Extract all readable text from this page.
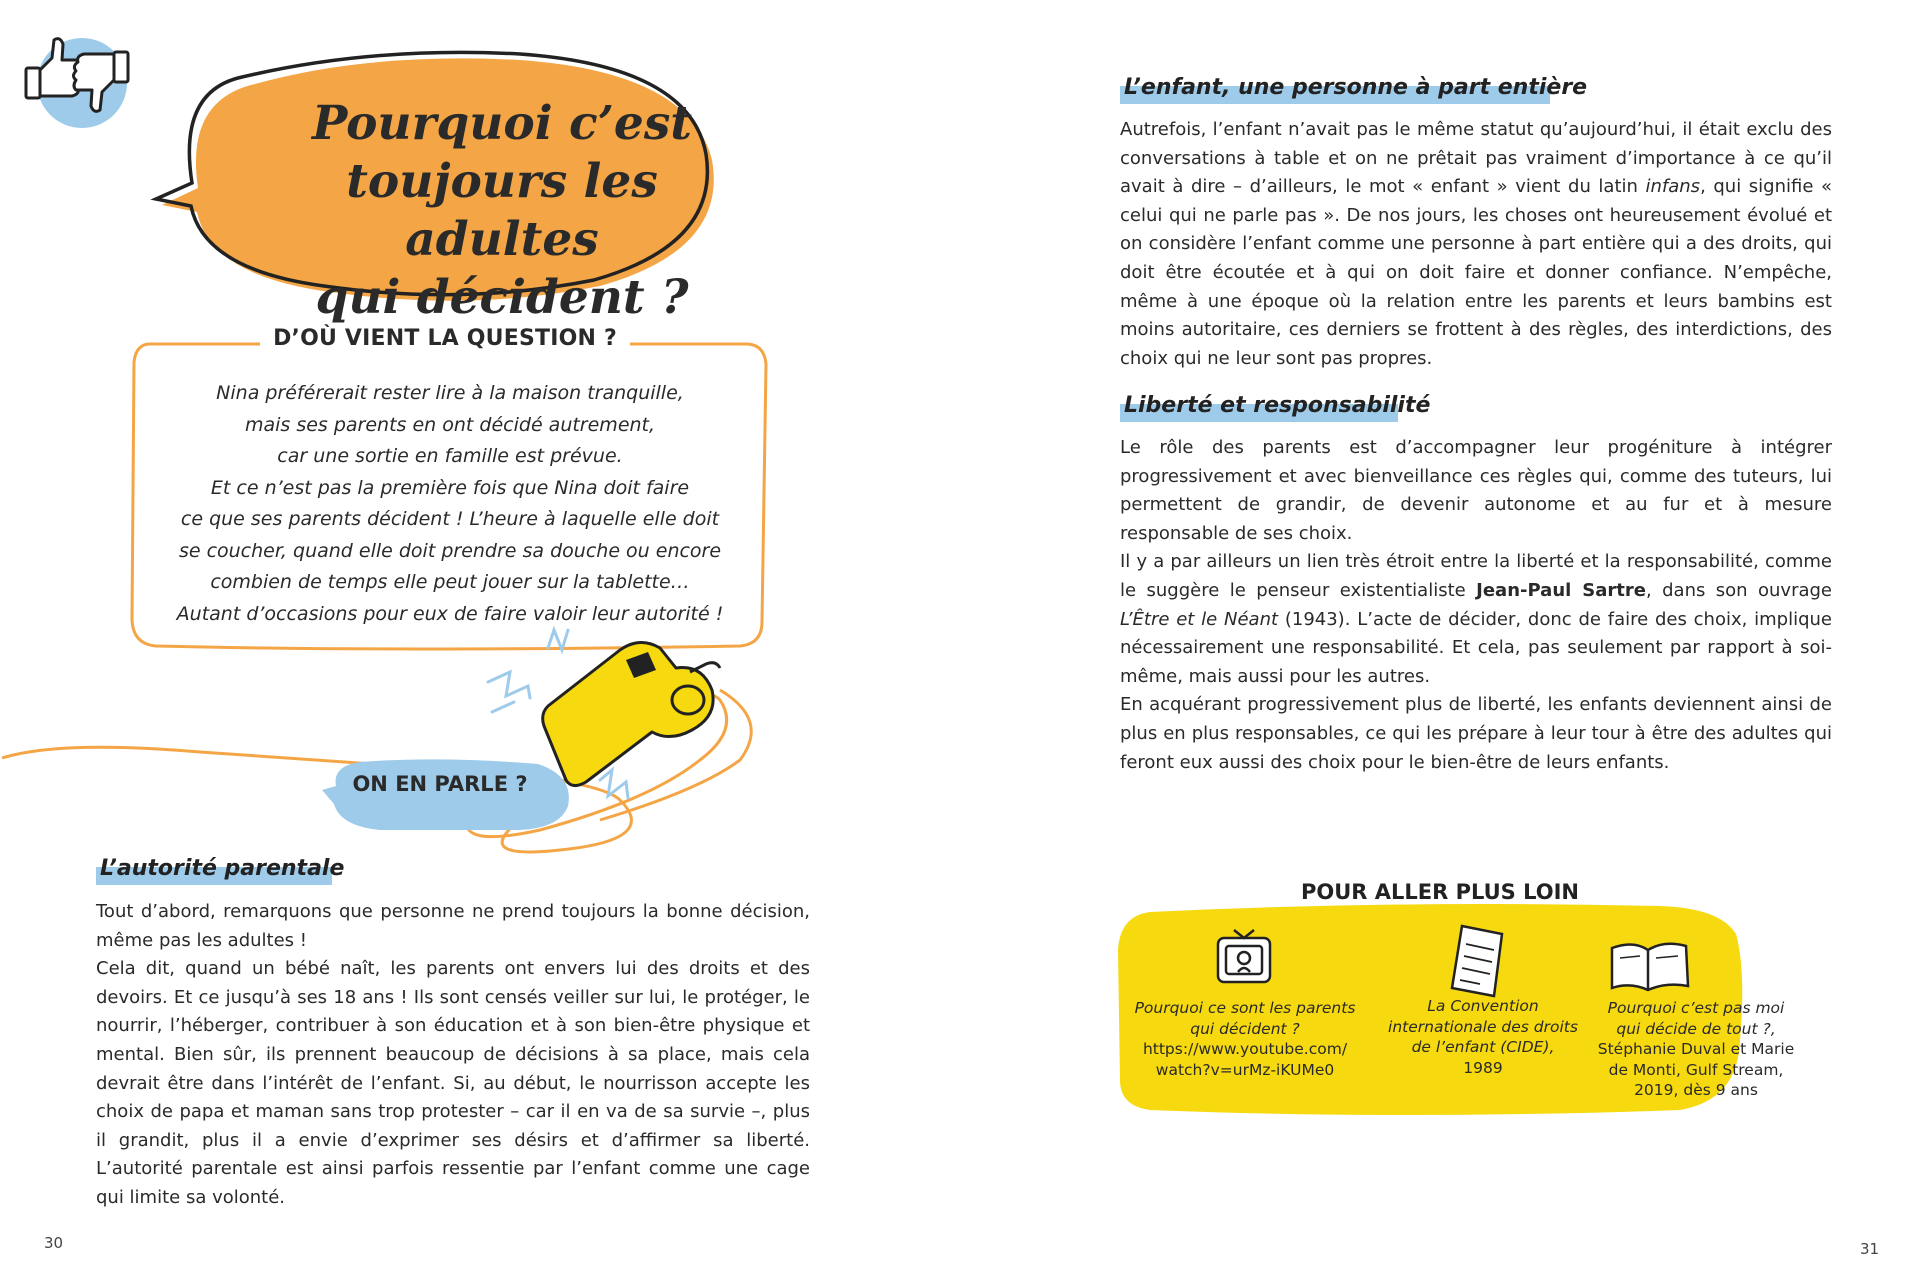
Pourquoi c’est
toujours les adultes
qui décident ?
D’OÙ VIENT LA QUESTION ?
Nina préférerait rester lire à la maison tranquille,
mais ses parents en ont décidé autrement,
car une sortie en famille est prévue.
Et ce n’est pas la première fois que Nina doit faire
ce que ses parents décident ! L’heure à laquelle elle doit
se coucher, quand elle doit prendre sa douche ou encore
combien de temps elle peut jouer sur la tablette…
Autant d’occasions pour eux de faire valoir leur autorité !
ON EN PARLE ?
L’autorité parentale

Tout d’abord, remarquons que personne ne prend toujours la bonne décision, même pas les adultes !

Cela dit, quand un bébé naît, les parents ont envers lui des droits et des devoirs. Et ce jusqu’à ses 18 ans ! Ils sont censés veiller sur lui, le protéger, le nourrir, l’héberger, contribuer à son éducation et à son bien-être physique et mental. Bien sûr, ils prennent beaucoup de décisions à sa place, mais cela devrait être dans l’intérêt de l’enfant. Si, au début, le nourrisson accepte les choix de papa et maman sans trop protester – car il en va de sa survie –, plus il grandit, plus il a envie d’exprimer ses désirs et d’affirmer sa liberté. L’autorité parentale est ainsi parfois ressentie par l’enfant comme une cage qui limite sa volonté.

30
L’enfant, une personne à part entière

Autrefois, l’enfant n’avait pas le même statut qu’aujourd’hui, il était exclu des conversations à table et on ne prêtait pas vraiment d’importance à ce qu’il avait à dire – d’ailleurs, le mot « enfant » vient du latin infans, qui signifie « celui qui ne parle pas ». De nos jours, les choses ont heureusement évolué et on considère l’enfant comme une personne à part entière qui a des droits, qui doit être écoutée et à qui on doit faire et donner confiance. N’empêche, même à une époque où la relation entre les parents et leurs bambins est moins autoritaire, ces derniers se frottent à des règles, des interdictions, des choix qui ne leur sont pas propres.

Liberté et responsabilité

Le rôle des parents est d’accompagner leur progéniture à intégrer progressivement et avec bienveillance ces règles qui, comme des tuteurs, lui permettent de grandir, de devenir autonome et au fur et à mesure responsable de ses choix.

Il y a par ailleurs un lien très étroit entre la liberté et la responsabilité, comme le suggère le penseur existentialiste Jean-Paul Sartre, dans son ouvrage L’Être et le Néant (1943). L’acte de décider, donc de faire des choix, implique nécessairement une responsabilité. Et cela, pas seulement par rapport à soi-même, mais aussi pour les autres.

En acquérant progressivement plus de liberté, les enfants deviennent ainsi de plus en plus responsables, ce qui les prépare à leur tour à être des adultes qui feront eux aussi des choix pour le bien-être de leurs enfants.

POUR ALLER PLUS LOIN
Pourquoi ce sont les parents qui décident ?
https://www.youtube.com/ watch?v=urMz-iKUMe0
La Convention internationale des droits de l’enfant (CIDE),
1989
Pourquoi c’est pas moi qui décide de tout ?,
Stéphanie Duval et Marie de Monti, Gulf Stream, 2019, dès 9 ans
31
